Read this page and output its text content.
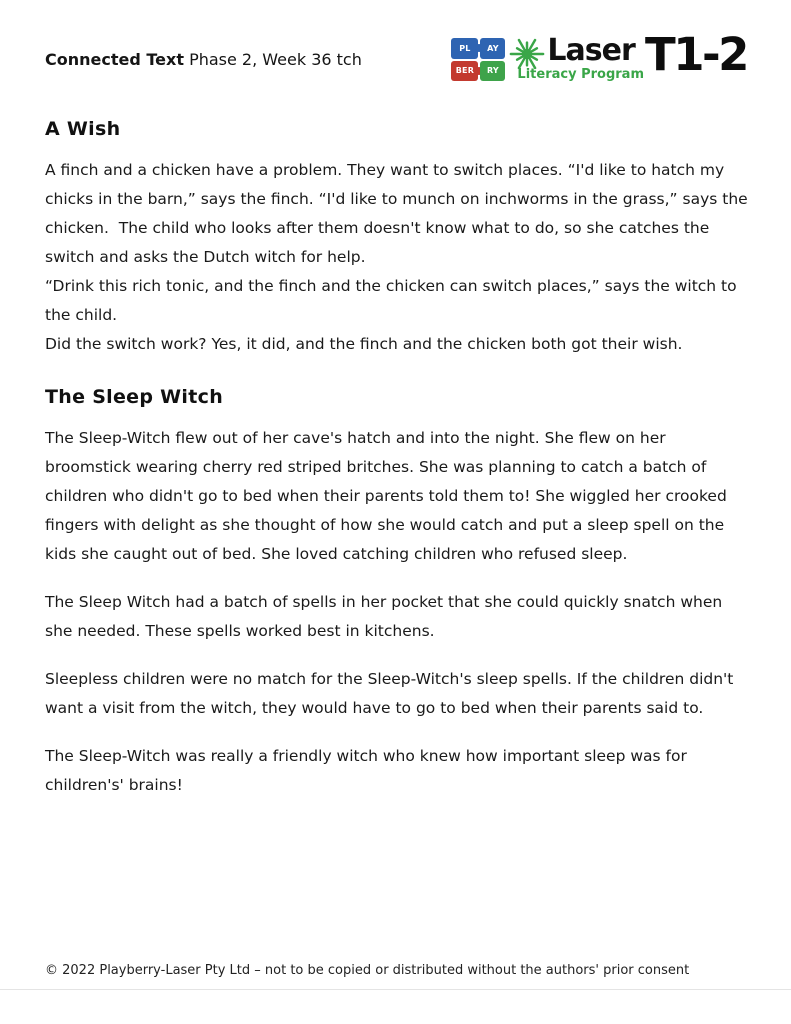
Connected Text Phase 2, Week 36 tch
PL	AY
BER	RY
Laser
Literacy Program T1-2
A Wish
A finch and a chicken have a problem. They want to switch places. “I'd like to hatch my chicks in the barn,” says the finch. “I'd like to munch on inchworms in the grass,” says the chicken.  The child who looks after them doesn't know what to do, so she catches the switch and asks the Dutch witch for help.
“Drink this rich tonic, and the finch and the chicken can switch places,” says the witch to the child.
Did the switch work? Yes, it did, and the finch and the chicken both got their wish.
The Sleep Witch

The Sleep-Witch flew out of her cave's hatch and into the night. She flew on her broomstick wearing cherry red striped britches. She was planning to catch a batch of children who didn't go to bed when their parents told them to! She wiggled her crooked fingers with delight as she thought of how she would catch and put a sleep spell on the kids she caught out of bed. She loved catching children who refused sleep.

The Sleep Witch had a batch of spells in her pocket that she could quickly snatch when she needed. These spells worked best in kitchens.

Sleepless children were no match for the Sleep-Witch's sleep spells. If the children didn't want a visit from the witch, they would have to go to bed when their parents said to.

The Sleep-Witch was really a friendly witch who knew how important sleep was for children's' brains!

© 2022 Playberry-Laser Pty Ltd – not to be copied or distributed without the authors' prior consent
